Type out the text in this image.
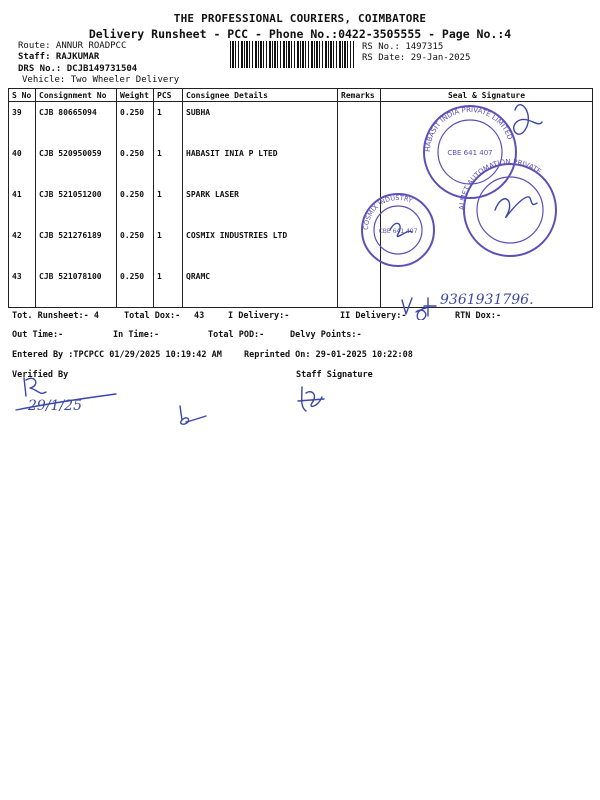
THE PROFESSIONAL COURIERS, COIMBATORE
Delivery Runsheet - PCC - Phone No.:0422-3505555 - Page No.:4
Route: ANNUR ROADPCC
Staff: RAJKUMAR
DRS No.: DCJB149731504
Vehicle: Two Wheeler Delivery
RS No.: 1497315
RS Date: 29-Jan-2025
S No	Consignment No	Weight	PCS	Consignee Details	Remarks	Seal & Signature
39	CJB 80665094	0.250	1	SUBHA		
40	CJB 520950059	0.250	1	HABASIT INIA P LTED		
41	CJB 521051200	0.250	1	SPARK LASER		
42	CJB 521276189	0.250	1	COSMIX INDUSTRIES LTD		
43	CJB 521078100	0.250	1	QRAMC		
HABASIT INDIA PRIVATE LIMITED
CBE 641 407
ALMET AUTOMATION PRIVATE
COSMIX INDUSTRY
CBE 641 407
Tot. Runsheet:- 4	Total Dox:- 43	I Delivery:-	II Delivery:-	RTN Dox:-
9361931796.
Out Time:-	In Time:-	Total POD:-	Delvy Points:-
Entered By :TPCPCC 01/29/2025 10:19:42 AM	Reprinted On: 29-01-2025 10:22:08
Verified By	Staff Signature
29/1/25
